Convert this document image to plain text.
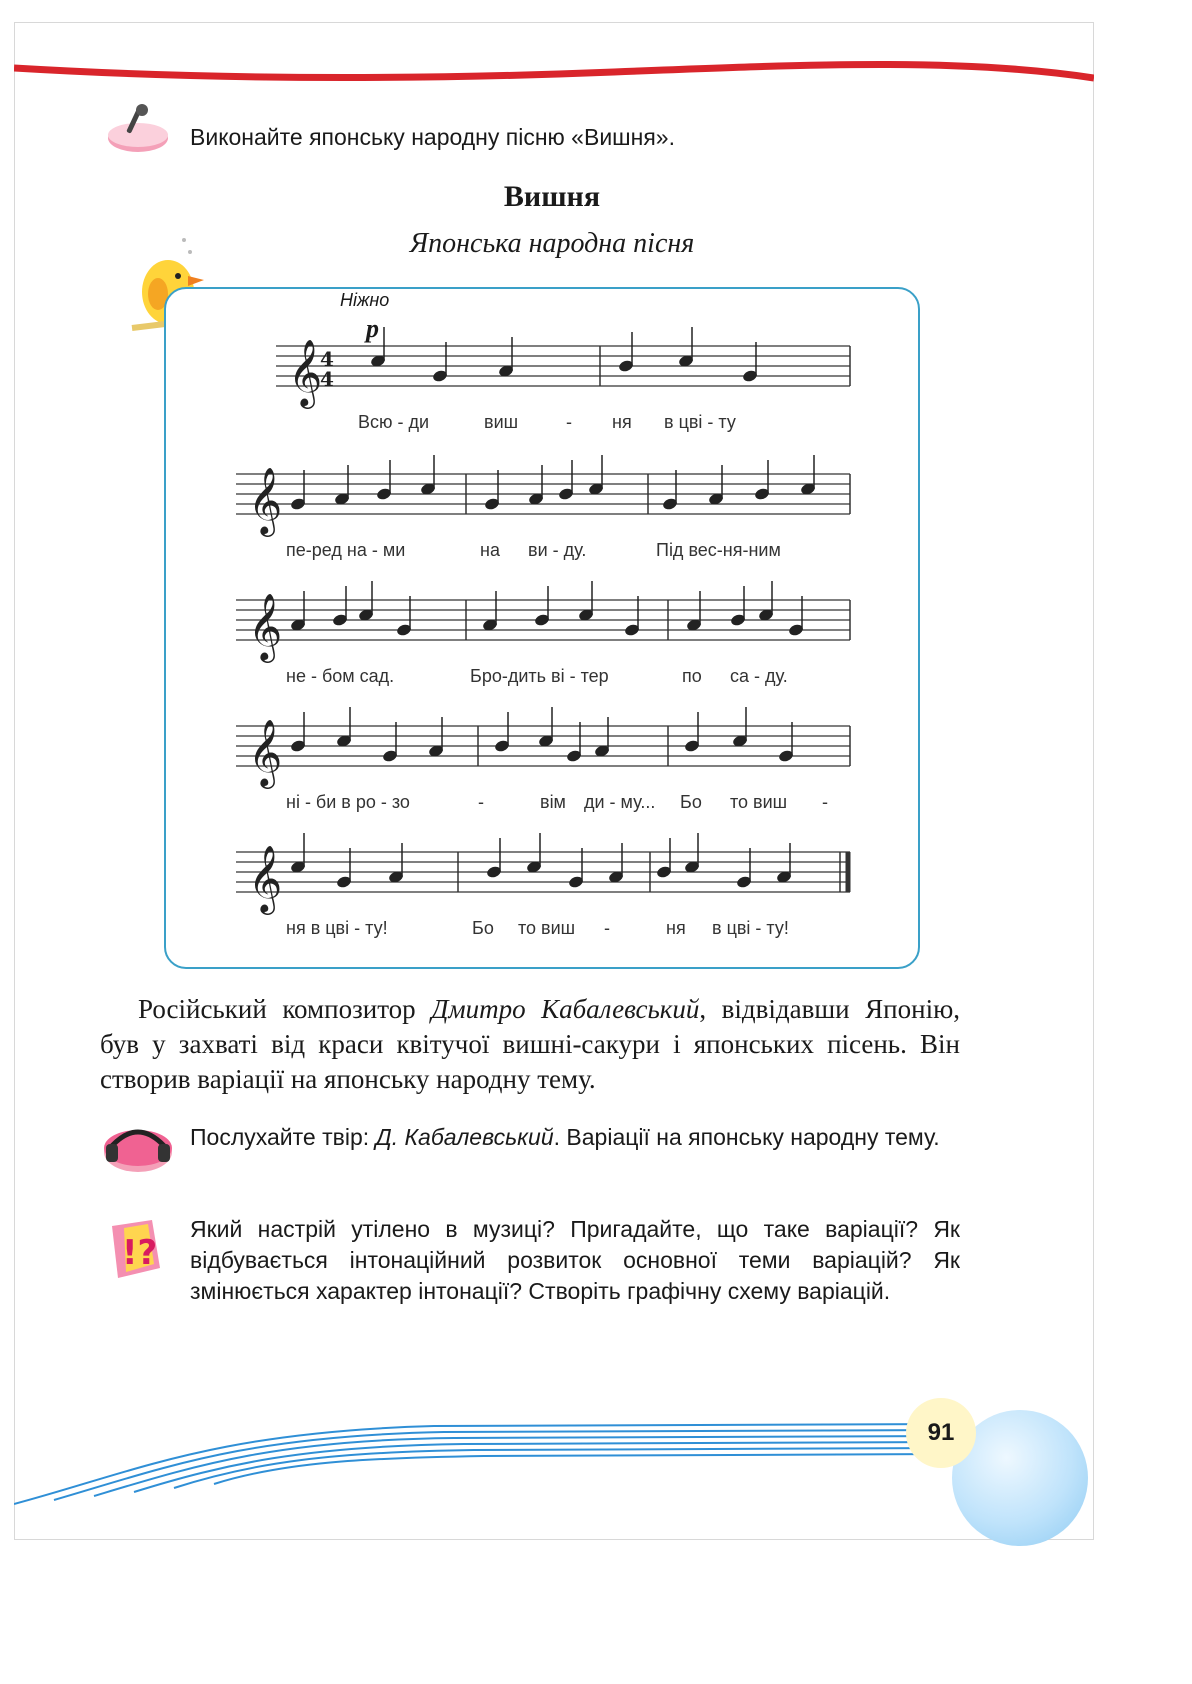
Виконайте японську народну пісню «Вишня».
Вишня
Японська народна пісня
Ніжно
p
𝄞
4
4
𝄞
𝄞
𝄞
𝄞
Всю - ди	виш	- ня в цві - ту
пе-ред на - ми	на ви - ду.	Під вес-ня-ним
не - бом сад.	Бро-дить ві - тер	по са - ду.
ні - би в ро - зо	-	вім ди - му... Бо то виш -
ня в цві - ту!	Бо то виш -	ня в цві - ту!
Російський композитор Дмитро Кабалевський, відвідавши Японію, був у захваті від краси квітучої вишні-сакури і японських пісень. Він створив варіації на японську народну тему.
Послухайте твір: Д. Кабалевський. Варіації на японську народну тему.
!?
Який настрій утілено в музиці? Пригадайте, що таке варіації? Як відбувається інтонаційний розвиток основної теми варіацій? Як змінюється характер інтонації? Створіть графічну схему варіацій.
91
